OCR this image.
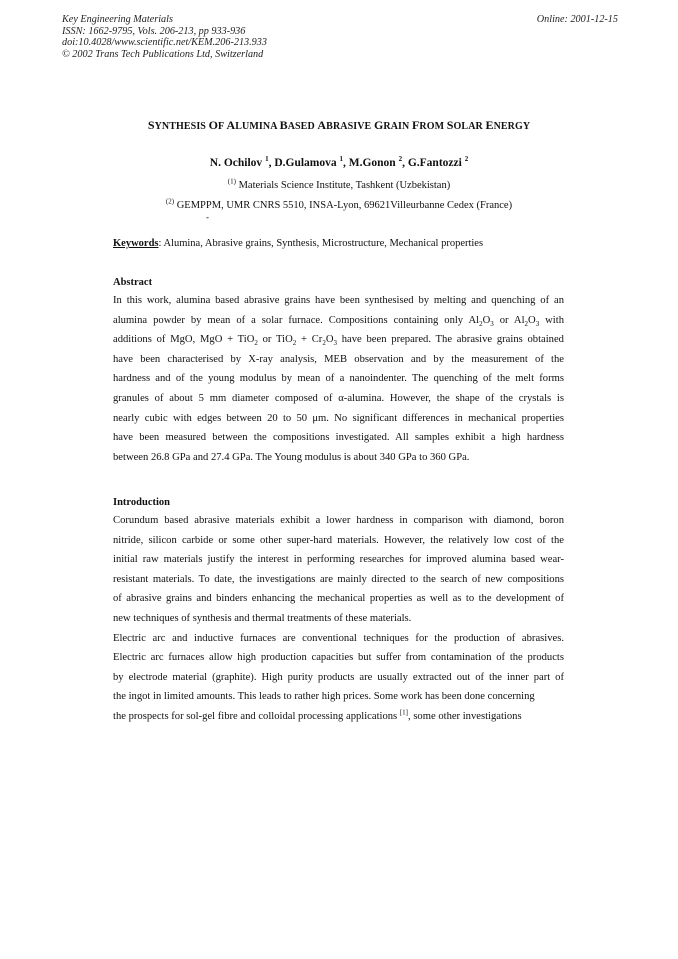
Key Engineering Materials
ISSN: 1662-9795, Vols. 206-213, pp 933-936
doi:10.4028/www.scientific.net/KEM.206-213.933
© 2002 Trans Tech Publications Ltd, Switzerland
Online: 2001-12-15
SYNTHESIS OF ALUMINA BASED ABRASIVE GRAIN FROM SOLAR ENERGY
N. Ochilov $^1$, D.Gulamova $^1$, M.Gonon $^2$, G.Fantozzi $^2$
$^{(1)}$ Materials Science Institute, Tashkent (Uzbekistan)
$^{(2)}$ GEMPPM, UMR CNRS 5510, INSA-Lyon, 69621Villeurbanne Cedex (France)
-
Keywords: Alumina, Abrasive grains, Synthesis, Microstructure, Mechanical properties
Abstract
In this work, alumina based abrasive grains have been synthesised by melting and quenching of an
alumina powder by mean of a solar furnace. Compositions containing only $Al_2O_3$ or $Al_2O_3$ with
additions of MgO, MgO + TiO$_2$ or $TiO_2 + Cr_2O_3$ have been prepared. The abrasive grains obtained
have been characterised by X-ray analysis, MEB observation and by the measurement of the
hardness and of the young modulus by mean of a nanoindenter. The quenching of the melt forms
granules of about 5 mm diameter composed of α-alumina. However, the shape of the crystals is
nearly cubic with edges between 20 to 50 μm. No significant differences in mechanical properties
have been measured between the compositions investigated. All samples exhibit a high hardness
between 26.8 GPa and 27.4 GPa. The Young modulus is about 340 GPa to 360 GPa.
Introduction
Corundum based abrasive materials exhibit a lower hardness in comparison with diamond, boron
nitride, silicon carbide or some other super-hard materials. However, the relatively low cost of the
initial raw materials justify the interest in performing researches for improved alumina based wear-
resistant materials. To date, the investigations are mainly directed to the search of new compositions
of abrasive grains and binders enhancing the mechanical properties as well as to the development of
new techniques of synthesis and thermal treatments of these materials.
Electric arc and inductive furnaces are conventional techniques for the production of abrasives.
Electric arc furnaces allow high production capacities but suffer from contamination of the products
by electrode material (graphite). High purity products are usually extracted out of the inner part of
the ingot in limited amounts. This leads to rather high prices. Some work has been done concerning
the prospects for sol-gel fibre and colloidal processing applications [1], some other investigations
